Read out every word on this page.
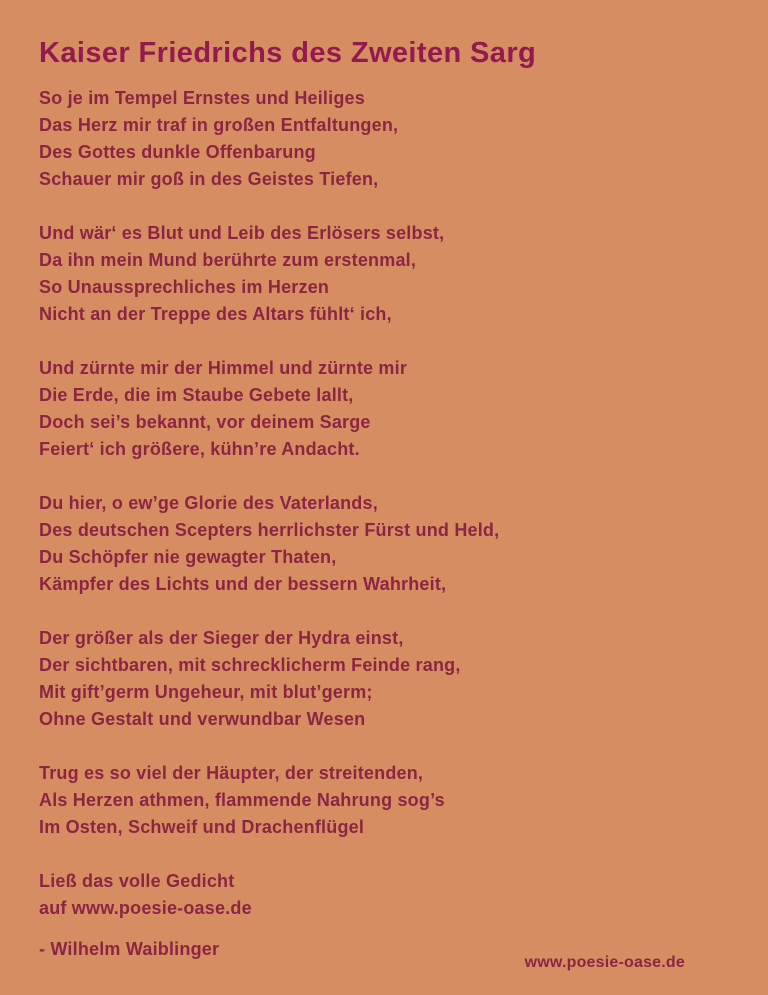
Kaiser Friedrichs des Zweiten Sarg
So je im Tempel Ernstes und Heiliges
Das Herz mir traf in großen Entfaltungen,
Des Gottes dunkle Offenbarung
Schauer mir goß in des Geistes Tiefen,
Und wär‘ es Blut und Leib des Erlösers selbst,
Da ihn mein Mund berührte zum erstenmal,
So Unaussprechliches im Herzen
Nicht an der Treppe des Altars fühlt‘ ich,
Und zürnte mir der Himmel und zürnte mir
Die Erde, die im Staube Gebete lallt,
Doch sei’s bekannt, vor deinem Sarge
Feiert‘ ich größere, kühn’re Andacht.
Du hier, o ew’ge Glorie des Vaterlands,
Des deutschen Scepters herrlichster Fürst und Held,
Du Schöpfer nie gewagter Thaten,
Kämpfer des Lichts und der bessern Wahrheit,
Der größer als der Sieger der Hydra einst,
Der sichtbaren, mit schrecklicherm Feinde rang,
Mit gift’germ Ungeheur, mit blut’germ;
Ohne Gestalt und verwundbar Wesen
Trug es so viel der Häupter, der streitenden,
Als Herzen athmen, flammende Nahrung sog’s
Im Osten, Schweif und Drachenflügel
Ließ das volle Gedicht
auf www.poesie-oase.de
- Wilhelm Waiblinger
www.poesie-oase.de
